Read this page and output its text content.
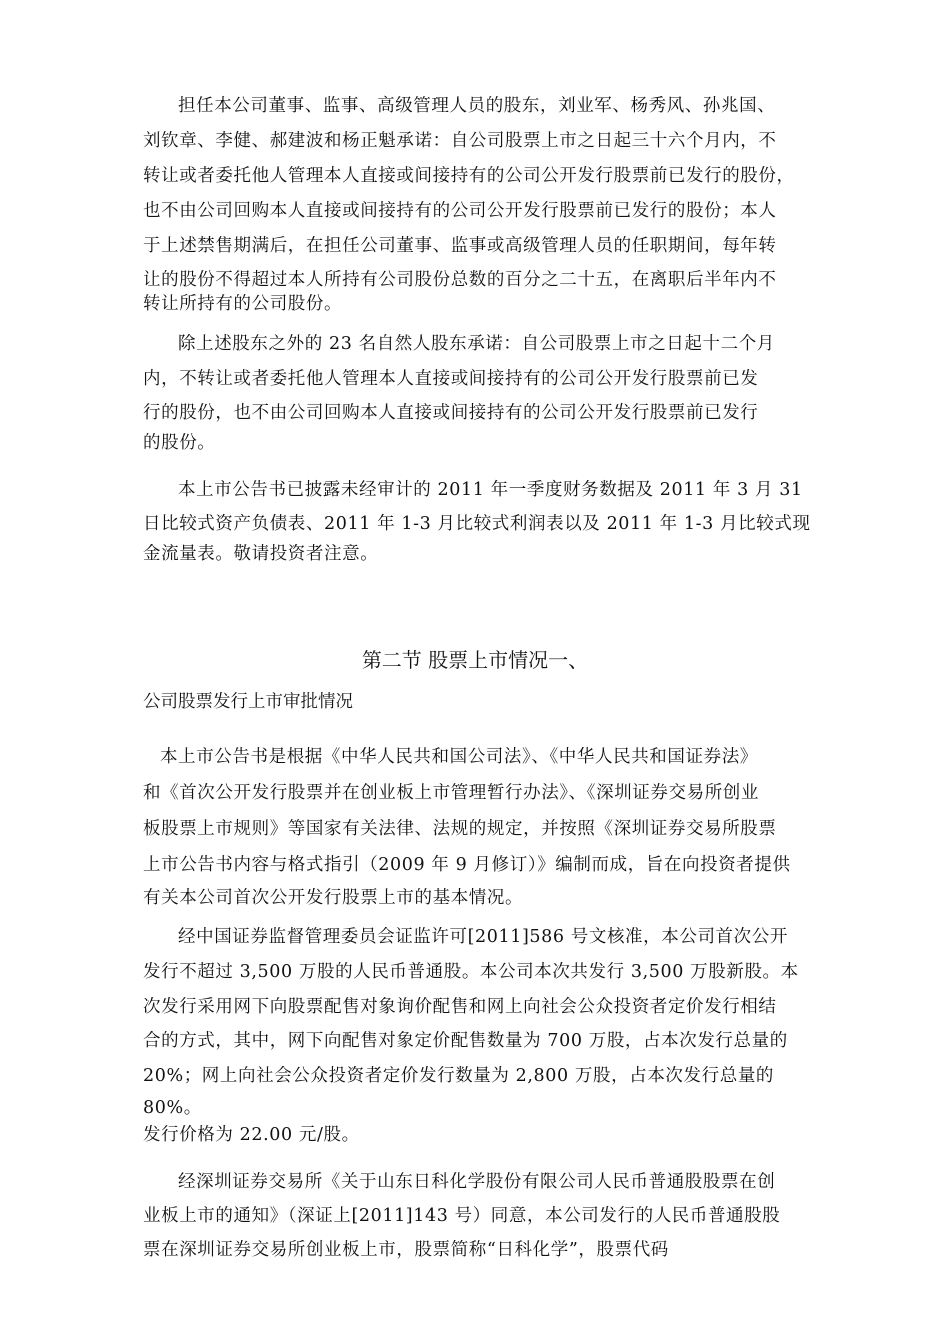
担任本公司董事、监事、高级管理人员的股东，刘业军、杨秀风、孙兆国、
刘钦章、李健、郝建波和杨正魁承诺：自公司股票上市之日起三十六个月内，不
转让或者委托他人管理本人直接或间接持有的公司公开发行股票前已发行的股份，
也不由公司回购本人直接或间接持有的公司公开发行股票前已发行的股份；本人
于上述禁售期满后，在担任公司董事、监事或高级管理人员的任职期间，每年转
让的股份不得超过本人所持有公司股份总数的百分之二十五，在离职后半年内不
转让所持有的公司股份。
除上述股东之外的 23 名自然人股东承诺：自公司股票上市之日起十二个月
内，不转让或者委托他人管理本人直接或间接持有的公司公开发行股票前已发
行的股份，也不由公司回购本人直接或间接持有的公司公开发行股票前已发行
的股份。
本上市公告书已披露未经审计的 2011 年一季度财务数据及 2011 年 3 月 31
日比较式资产负债表、2011 年 1-3 月比较式利润表以及 2011 年 1-3 月比较式现
金流量表。敬请投资者注意。
第二节 股票上市情况一、
公司股票发行上市审批情况
本上市公告书是根据《中华人民共和国公司法》、《中华人民共和国证券法》
和《首次公开发行股票并在创业板上市管理暂行办法》、《深圳证券交易所创业
板股票上市规则》等国家有关法律、法规的规定，并按照《深圳证券交易所股票
上市公告书内容与格式指引（2009 年 9 月修订）》编制而成，旨在向投资者提供
有关本公司首次公开发行股票上市的基本情况。
经中国证券监督管理委员会证监许可[2011]586 号文核准，本公司首次公开
发行不超过 3,500 万股的人民币普通股。本公司本次共发行 3,500 万股新股。本
次发行采用网下向股票配售对象询价配售和网上向社会公众投资者定价发行相结
合的方式，其中，网下向配售对象定价配售数量为 700 万股，占本次发行总量的
20%；网上向社会公众投资者定价发行数量为 2,800 万股，占本次发行总量的
80%。
发行价格为 22.00 元/股。
经深圳证券交易所《关于山东日科化学股份有限公司人民币普通股股票在创
业板上市的通知》（深证上[2011]143 号）同意，本公司发行的人民币普通股股
票在深圳证券交易所创业板上市，股票简称“日科化学”，股票代码
